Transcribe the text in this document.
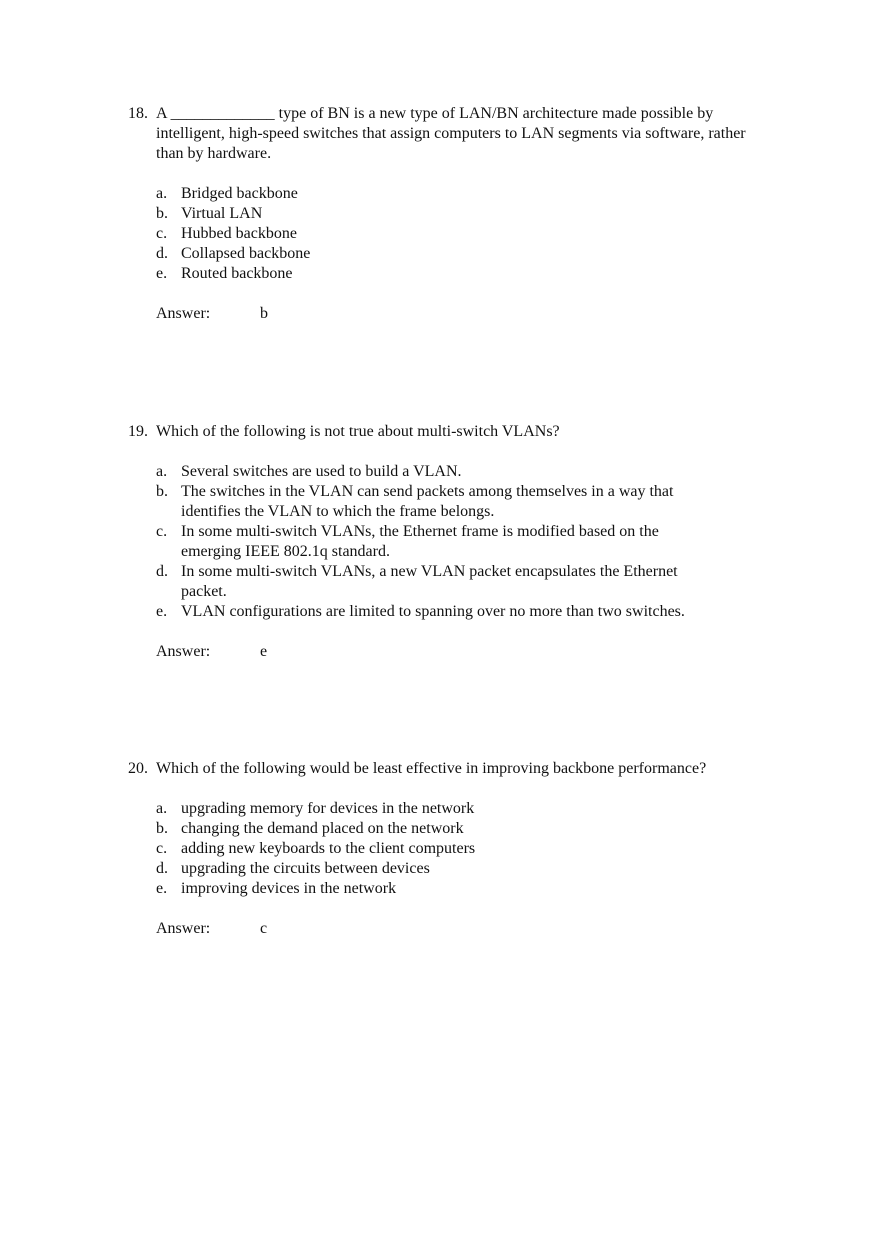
18. A _____________ type of BN is a new type of LAN/BN architecture made possible by intelligent, high-speed switches that assign computers to LAN segments via software, rather than by hardware.
a. Bridged backbone
b. Virtual LAN
c. Hubbed backbone
d. Collapsed backbone
e. Routed backbone
Answer:	b
19. Which of the following is not true about multi-switch VLANs?
a. Several switches are used to build a VLAN.
b. The switches in the VLAN can send packets among themselves in a way that identifies the VLAN to which the frame belongs.
c. In some multi-switch VLANs, the Ethernet frame is modified based on the emerging IEEE 802.1q standard.
d. In some multi-switch VLANs, a new VLAN packet encapsulates the Ethernet packet.
e. VLAN configurations are limited to spanning over no more than two switches.
Answer:	e
20. Which of the following would be least effective in improving backbone performance?
a. upgrading memory for devices in the network
b. changing the demand placed on the network
c. adding new keyboards to the client computers
d. upgrading the circuits between devices
e. improving devices in the network
Answer:	c
